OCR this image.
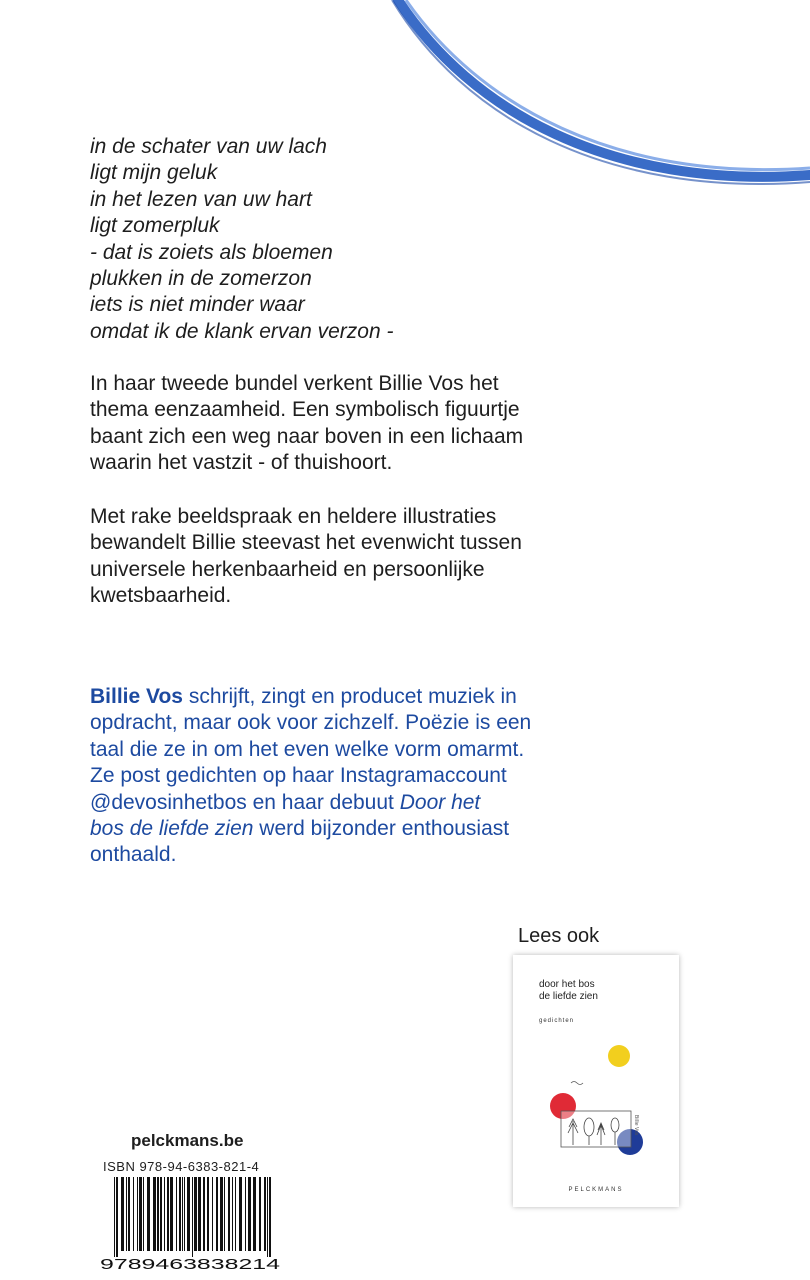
in de schater van uw lach
ligt mijn geluk
in het lezen van uw hart
ligt zomerpluk
- dat is zoiets als bloemen
plukken in de zomerzon
iets is niet minder waar
omdat ik de klank ervan verzon -
In haar tweede bundel verkent Billie Vos het
thema eenzaamheid. Een symbolisch figuurtje
baant zich een weg naar boven in een lichaam
waarin het vastzit - of thuishoort.
Met rake beeldspraak en heldere illustraties
bewandelt Billie steevast het evenwicht tussen
universele herkenbaarheid en persoonlijke
kwetsbaarheid.
Billie Vos schrijft, zingt en producet muziek in
opdracht, maar ook voor zichzelf. Poëzie is een
taal die ze in om het even welke vorm omarmt.
Ze post gedichten op haar Instagramaccount
@devosinhetbos en haar debuut Door het
bos de liefde zien werd bijzonder enthousiast
onthaald.
Lees ook
door het bos
de liefde zien
gedichten
Billie Vos
PELCKMANS
pelckmans.be
ISBN 978-94-6383-821-4
9789463838214
